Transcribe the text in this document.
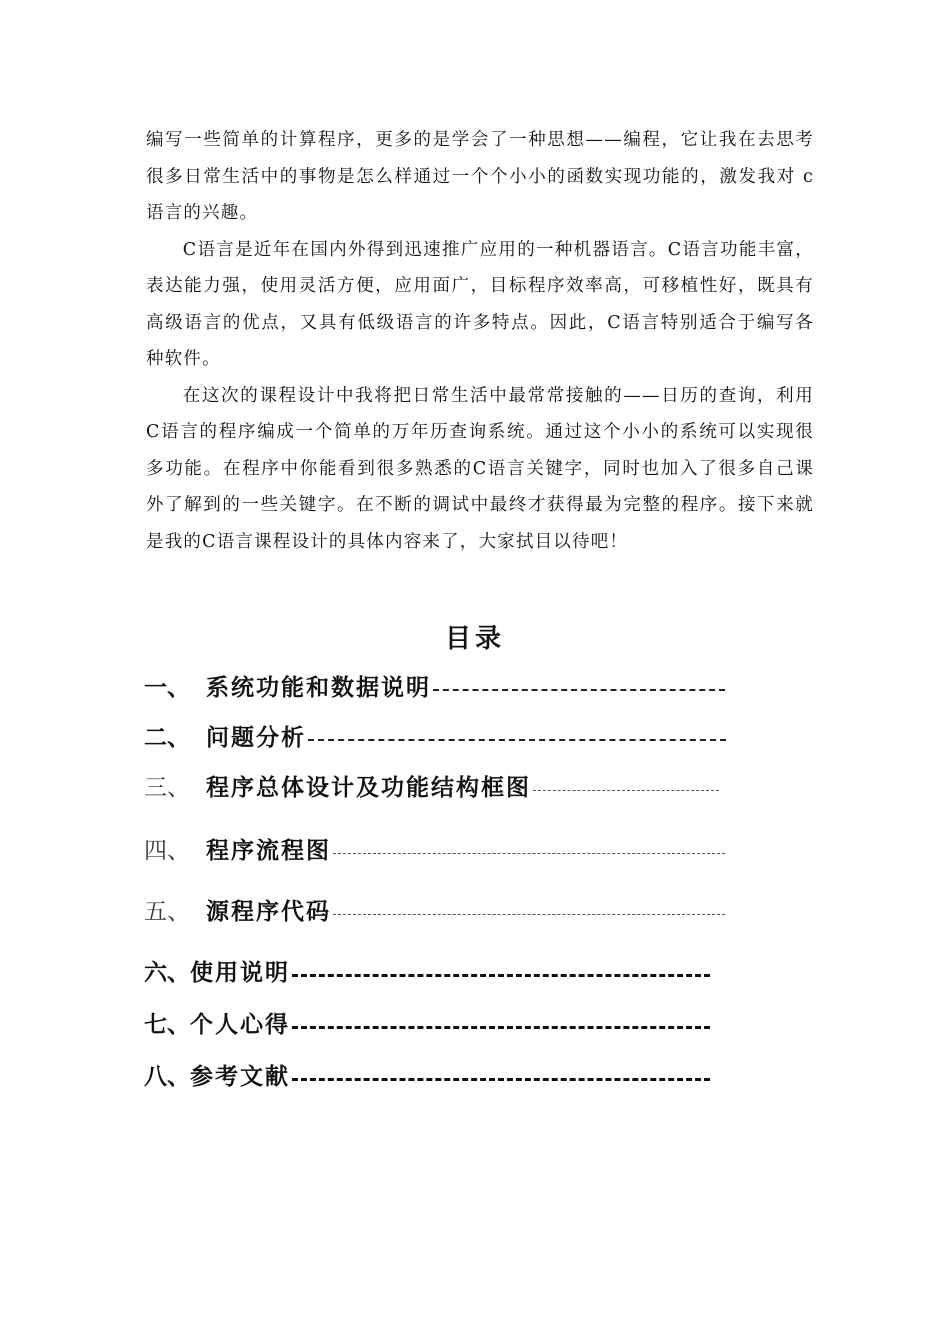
编写一些简单的计算程序，更多的是学会了一种思想——编程，它让我在去思考很多日常生活中的事物是怎么样通过一个个小小的函数实现功能的，激发我对 c 语言的兴趣。

C语言是近年在国内外得到迅速推广应用的一种机器语言。C语言功能丰富，表达能力强，使用灵活方便，应用面广，目标程序效率高，可移植性好，既具有高级语言的优点，又具有低级语言的许多特点。因此，C语言特别适合于编写各种软件。

在这次的课程设计中我将把日常生活中最常常接触的——日历的查询，利用C语言的程序编成一个简单的万年历查询系统。通过这个小小的系统可以实现很多功能。在程序中你能看到很多熟悉的C语言关键字，同时也加入了很多自己课外了解到的一些关键字。在不断的调试中最终才获得最为完整的程序。接下来就是我的C语言课程设计的具体内容来了，大家拭目以待吧！

目录
一、 系统功能和数据说明
二、 问题分析
三、 程序总体设计及功能结构框图
四、 程序流程图
五、 源程序代码
六、 使用说明
七、 个人心得
八、 参考文献
